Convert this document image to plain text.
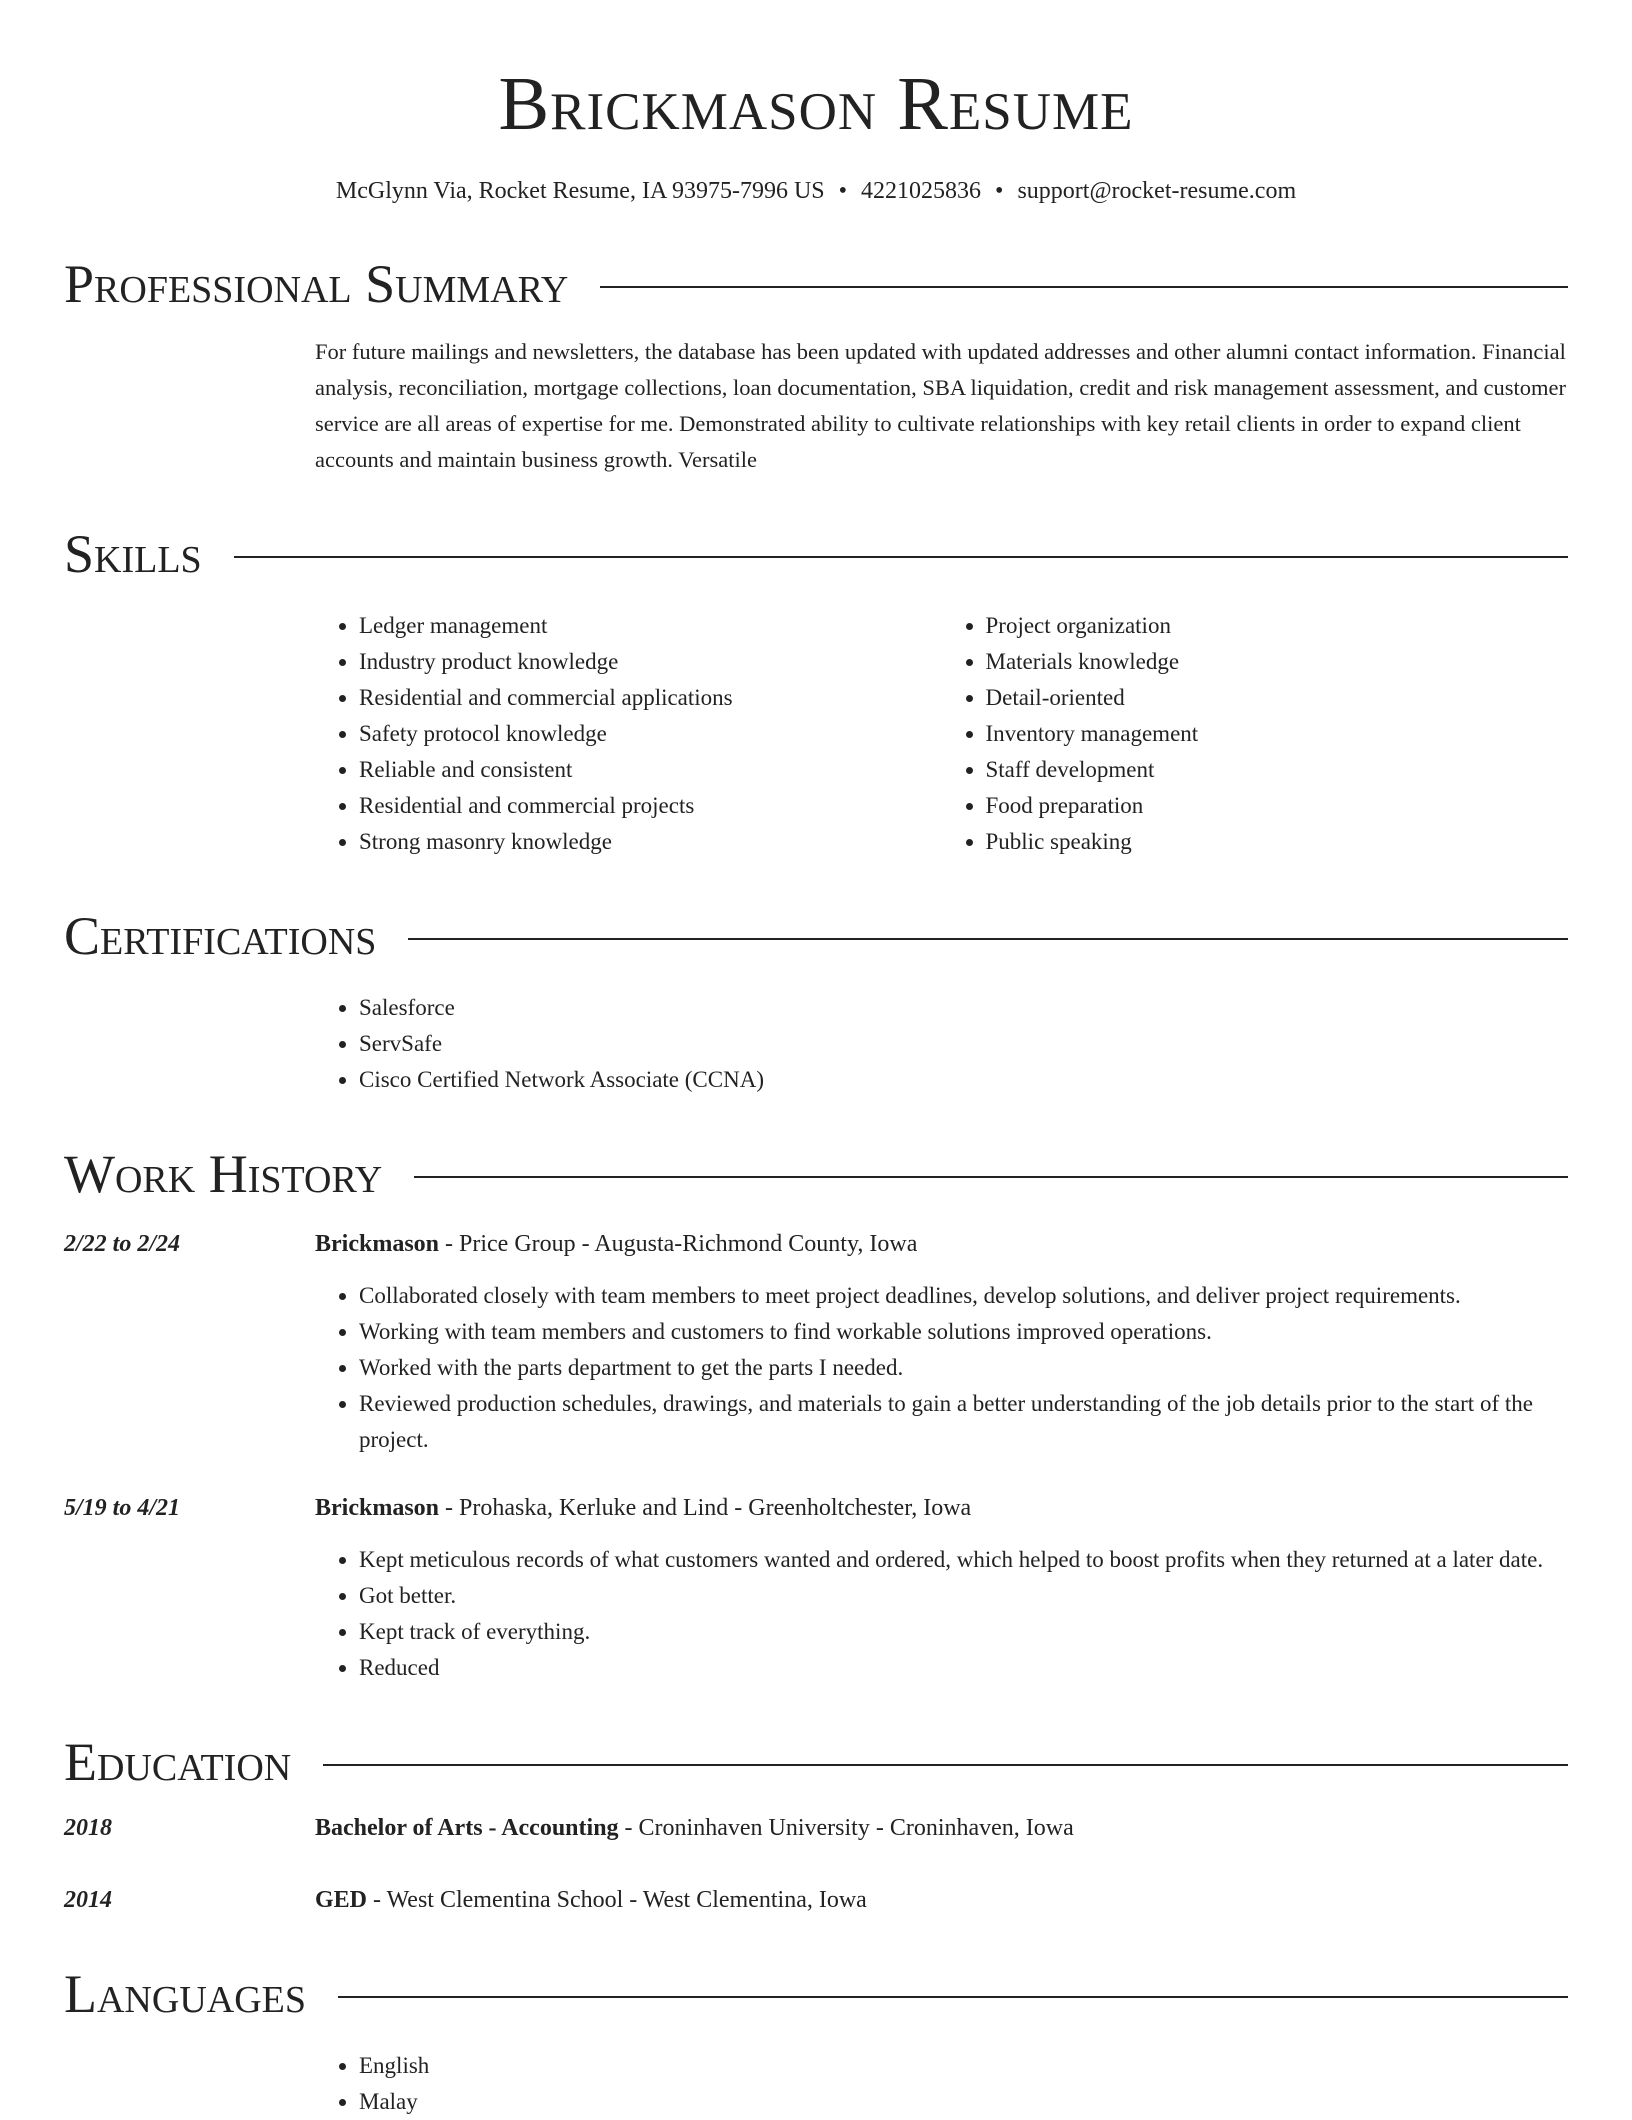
Brickmason Resume
McGlynn Via, Rocket Resume, IA 93975-7996 US • 4221025836 • support@rocket-resume.com
Professional Summary
For future mailings and newsletters, the database has been updated with updated addresses and other alumni contact information. Financial analysis, reconciliation, mortgage collections, loan documentation, SBA liquidation, credit and risk management assessment, and customer service are all areas of expertise for me. Demonstrated ability to cultivate relationships with key retail clients in order to expand client accounts and maintain business growth. Versatile
Skills
• Ledger management
• Industry product knowledge
• Residential and commercial applications
• Safety protocol knowledge
• Reliable and consistent
• Residential and commercial projects
• Strong masonry knowledge
• Project organization
• Materials knowledge
• Detail-oriented
• Inventory management
• Staff development
• Food preparation
• Public speaking
Certifications
• Salesforce
• ServSafe
• Cisco Certified Network Associate (CCNA)
Work History
2/22 to 2/24	Brickmason - Price Group - Augusta-Richmond County, Iowa
• Collaborated closely with team members to meet project deadlines, develop solutions, and deliver project requirements.
• Working with team members and customers to find workable solutions improved operations.
• Worked with the parts department to get the parts I needed.
• Reviewed production schedules, drawings, and materials to gain a better understanding of the job details prior to the start of the project.
5/19 to 4/21	Brickmason - Prohaska, Kerluke and Lind - Greenholtchester, Iowa
• Kept meticulous records of what customers wanted and ordered, which helped to boost profits when they returned at a later date.
• Got better.
• Kept track of everything.
• Reduced
Education
2018	Bachelor of Arts - Accounting - Croninhaven University - Croninhaven, Iowa
2014	GED - West Clementina School - West Clementina, Iowa
Languages
• English
• Malay
